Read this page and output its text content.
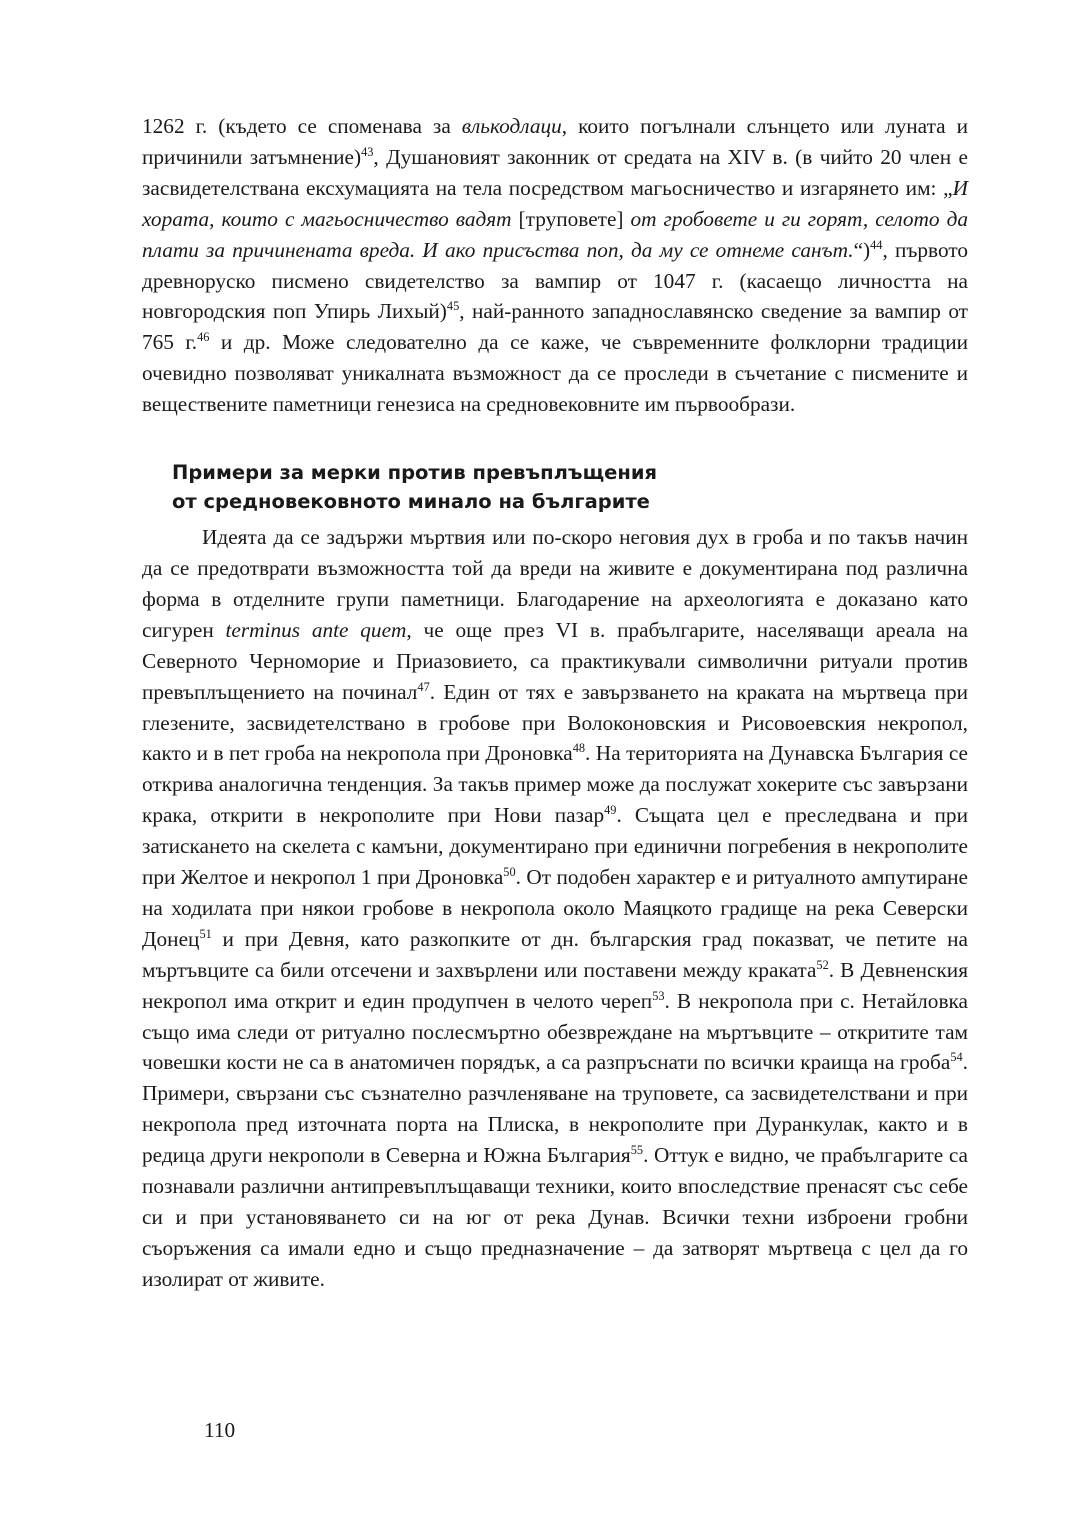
1262 г. (където се споменава за влькодлаци, които погълнали слънцето или луната и причинили затъмнение)$^{43}$, Душановият законник от средата на XIV в. (в чийто 20 член е засвидетелствана ексхумацията на тела посредством магьосничество и изгарянето им: „И хората, които с магьосничество вадят [труповете] от гробовете и ги горят, селото да плати за причинената вреда. И ако присъства поп, да му се отнеме санът.“)$^{44}$, първото древноруско писмено свидетелство за вампир от 1047 г. (касаещо личността на новгородския поп Упирь Лихый)$^{45}$, най-ранното западнославянско сведение за вампир от 765 г.$^{46}$ и др. Може следователно да се каже, че съвременните фолклорни традиции очевидно позволяват уникалната възможност да се проследи в съчетание с писмените и веществените паметници генезиса на средновековните им първообрази.

Примери за мерки против превъплъщения
от средновековното минало на българите

Идеята да се задържи мъртвия или по-скоро неговия дух в гроба и по такъв начин да се предотврати възможността той да вреди на живите е документирана под различна форма в отделните групи паметници. Благодарение на археологията е доказано като сигурен terminus ante quem, че още през VI в. прабългарите, населяващи ареала на Северното Черноморие и Приазовието, са практикували символични ритуали против превъплъщението на починал$^{47}$. Един от тях е завързването на краката на мъртвеца при глезените, засвидетелствано в гробове при Волоконовския и Рисовоевския некропол, както и в пет гроба на некропола при Дроновка$^{48}$. На територията на Дунавска България се открива аналогична тенденция. За такъв пример може да послужат хокерите със завързани крака, открити в некрополите при Нови пазар$^{49}$. Същата цел е преследвана и при затискането на скелета с камъни, документирано при единични погребения в некрополите при Желтое и некропол 1 при Дроновка$^{50}$. От подобен характер е и ритуалното ампутиране на ходилата при някои гробове в некропола около Маяцкото градище на река Северски Донец$^{51}$ и при Девня, като разкопките от дн. българския град показват, че петите на мъртъвците са били отсечени и захвърлени или поставени между краката$^{52}$. В Девненския некропол има открит и един продупчен в челото череп$^{53}$. В некропола при с. Нетайловка също има следи от ритуално послесмъртно обезвреждане на мъртъвците – откритите там човешки кости не са в анатомичен порядък, а са разпръснати по всички краища на гроба$^{54}$. Примери, свързани със съзнателно разчленяване на труповете, са засвидетелствани и при некропола пред източната порта на Плиска, в некрополите при Дуранкулак, както и в редица други некрополи в Северна и Южна България$^{55}$. Оттук е видно, че прабългарите са познавали различни антипревъплъщаващи техники, които впоследствие пренасят със себе си и при установяването си на юг от река Дунав. Всички техни изброени гробни съоръжения са имали едно и също предназначение – да затворят мъртвеца с цел да го изолират от живите.

110
